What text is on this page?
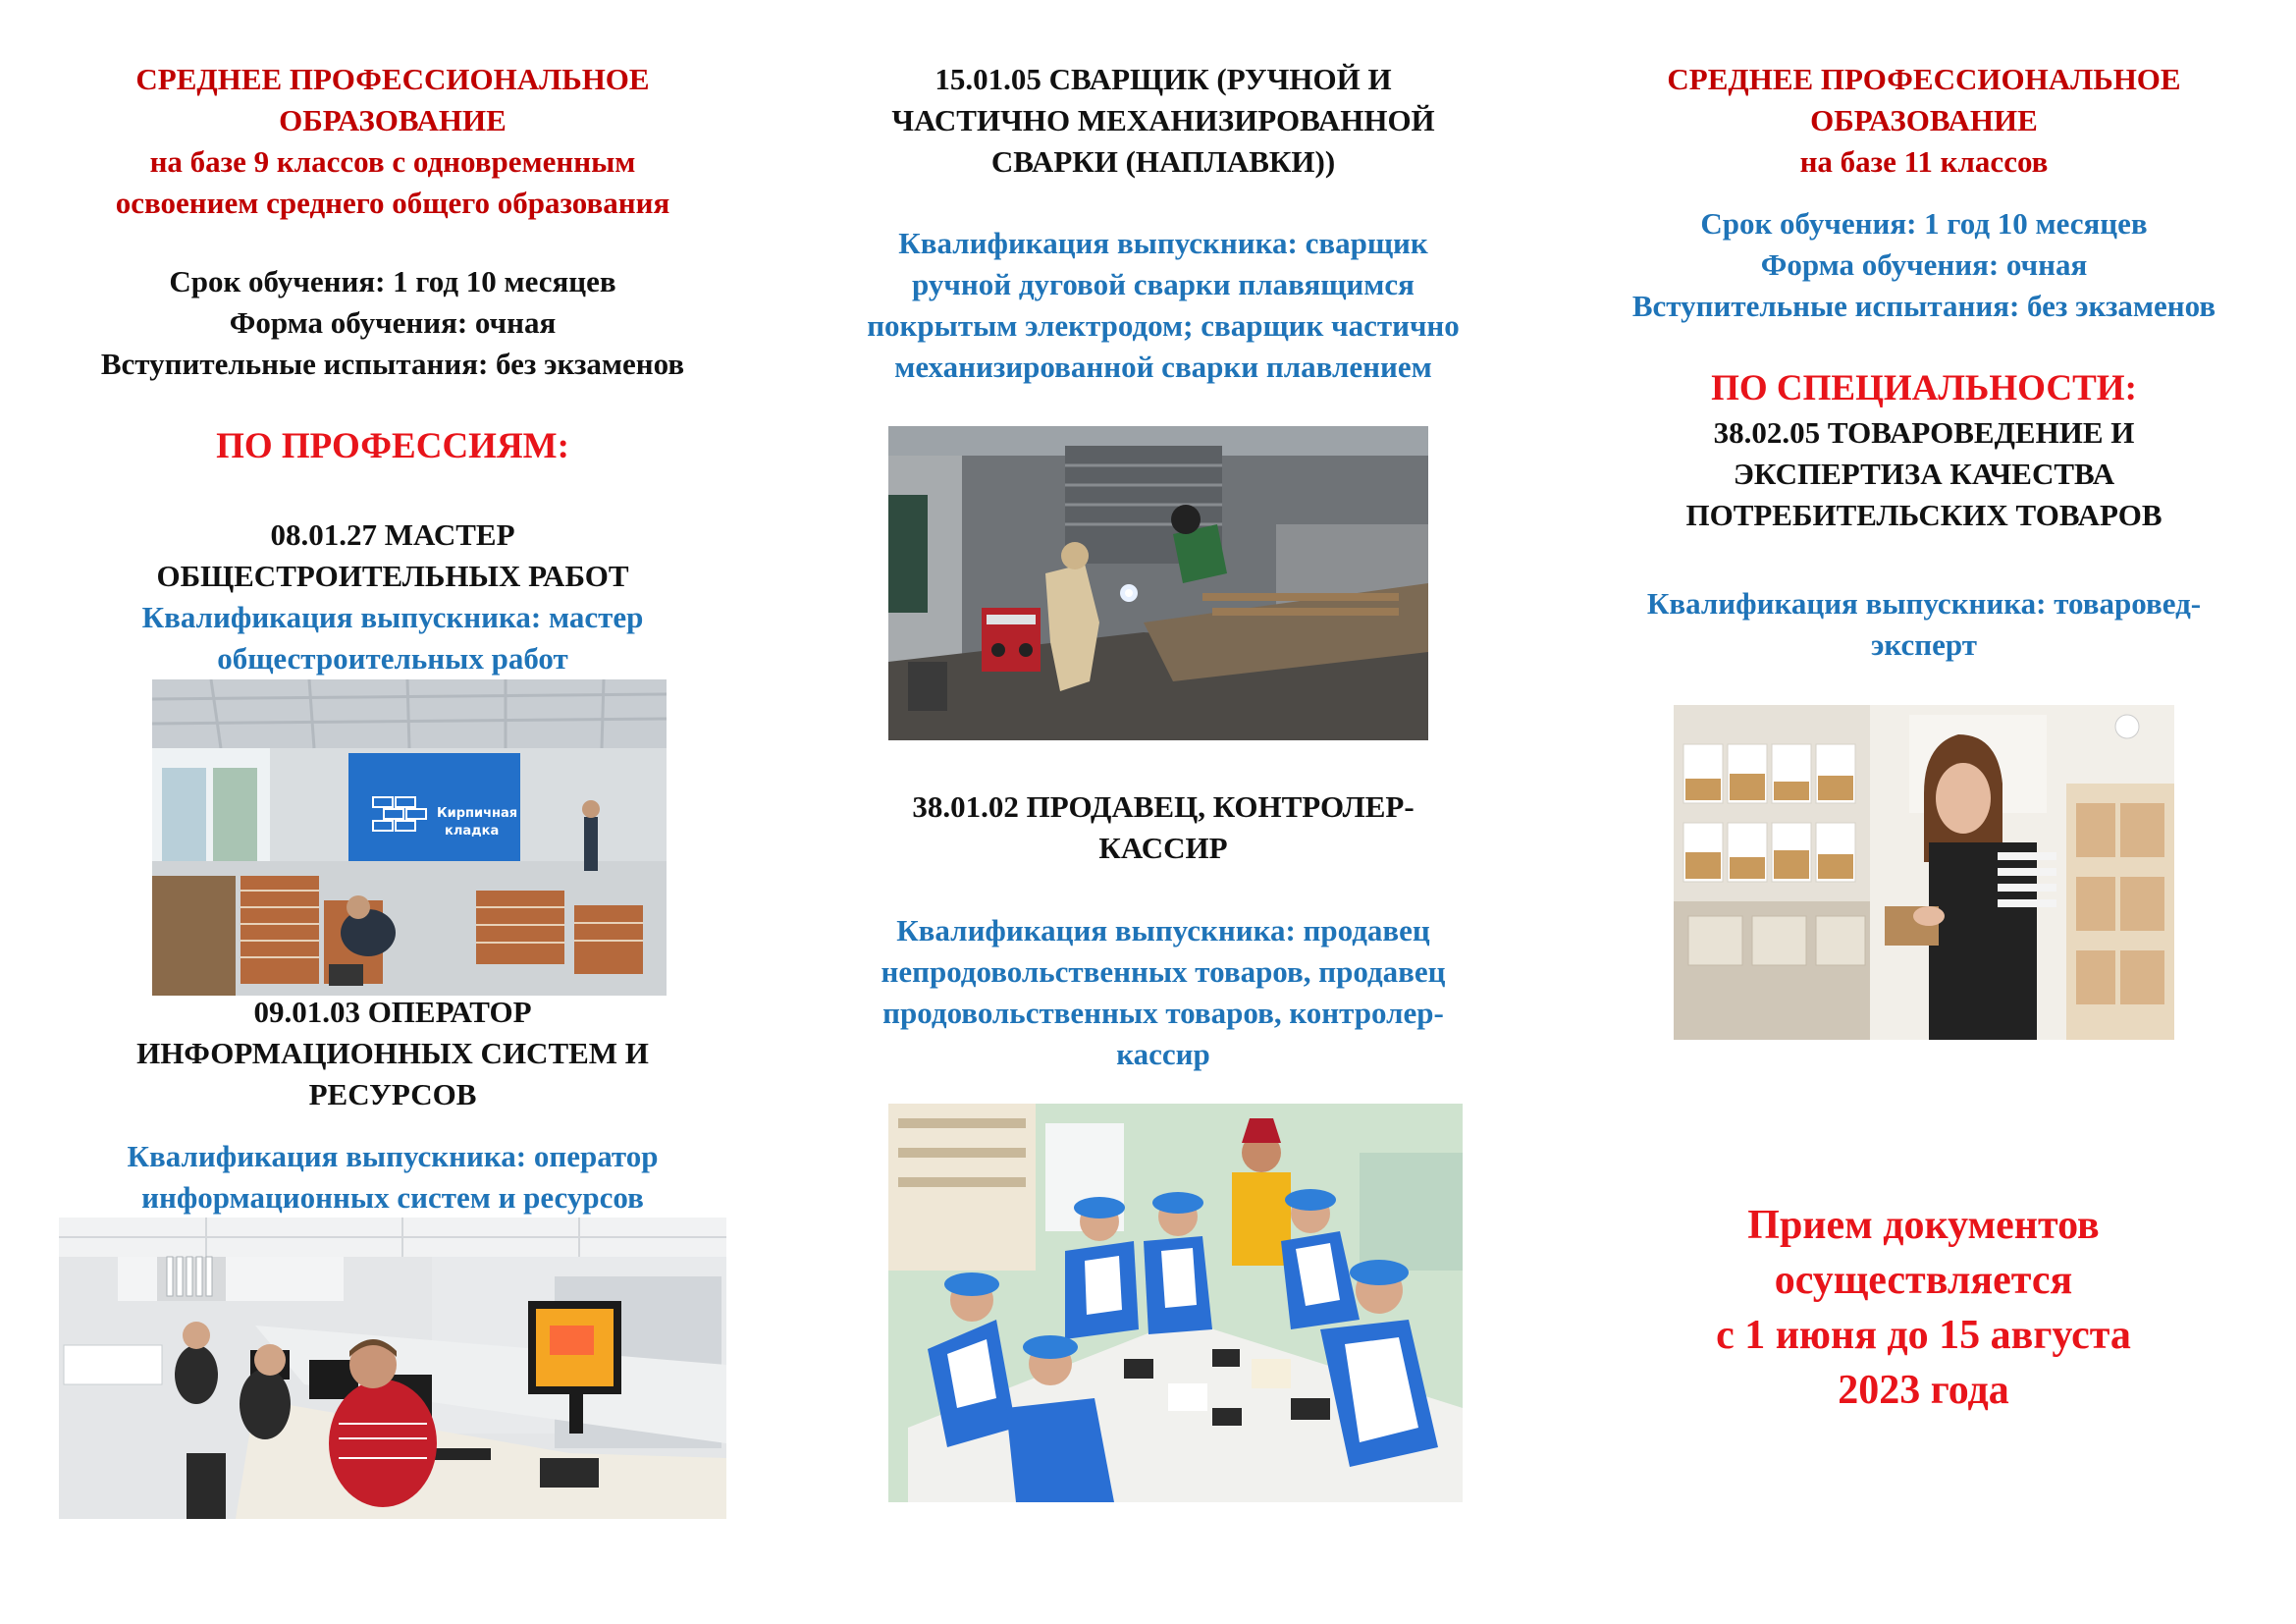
СРЕДНЕЕ ПРОФЕССИОНАЛЬНОЕ
ОБРАЗОВАНИЕ
на базе 9 классов с одновременным
освоением среднего общего образования
Срок обучения: 1 год 10 месяцев
Форма обучения: очная
Вступительные испытания: без экзаменов
ПО ПРОФЕССИЯМ:
08.01.27 МАСТЕР
ОБЩЕСТРОИТЕЛЬНЫХ РАБОТ
Квалификация выпускника: мастер
общестроительных работ
Кирпичная
кладка
09.01.03 ОПЕРАТОР
ИНФОРМАЦИОННЫХ СИСТЕМ И
РЕСУРСОВ
Квалификация выпускника: оператор
информационных систем и ресурсов
15.01.05 СВАРЩИК (РУЧНОЙ И
ЧАСТИЧНО МЕХАНИЗИРОВАННОЙ
СВАРКИ (НАПЛАВКИ))
Квалификация выпускника: сварщик
ручной дуговой сварки плавящимся
покрытым электродом; сварщик частично
механизированной сварки плавлением
38.01.02 ПРОДАВЕЦ, КОНТРОЛЕР-
КАССИР
Квалификация выпускника: продавец
непродовольственных товаров, продавец
продовольственных товаров, контролер-
кассир
СРЕДНЕЕ ПРОФЕССИОНАЛЬНОЕ
ОБРАЗОВАНИЕ
на базе 11 классов
Срок обучения: 1 год 10 месяцев
Форма обучения: очная
Вступительные испытания: без экзаменов
ПО СПЕЦИАЛЬНОСТИ:
38.02.05 ТОВАРОВЕДЕНИЕ И
ЭКСПЕРТИЗА КАЧЕСТВА
ПОТРЕБИТЕЛЬСКИХ ТОВАРОВ
Квалификация выпускника: товаровед-
эксперт
Прием документов
осуществляется
с 1 июня до 15 августа
2023 года
